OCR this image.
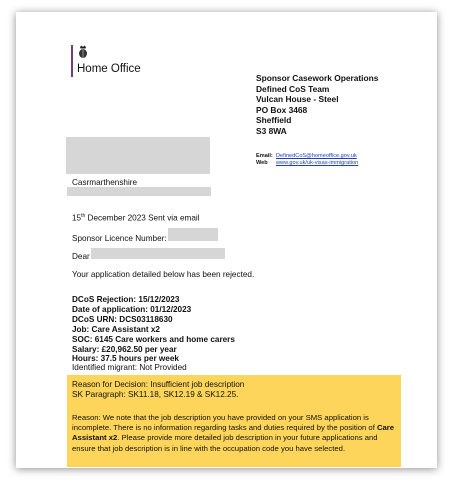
Home Office
Sponsor Casework Operations
Defined CoS Team
Vulcan House - Steel
PO Box 3468
Sheffield
S3 8WA
Email: DefinedCoS@homeoffice.gov.uk
Web www.gov.uk/uk-visas-immigration
Casrmarthenshire
15th December 2023 Sent via email
Sponsor Licence Number:
Dear
Your application detailed below has been rejected.
DCoS Rejection: 15/12/2023
Date of application: 01/12/2023
DCoS URN: DCS03118630
Job: Care Assistant x2
SOC: 6145 Care workers and home carers
Salary: £20,962.50 per year
Hours: 37.5 hours per week
Identified migrant: Not Provided
Reason for Decision: Insufficient job description
SK Paragraph: SK11.18, SK12.19 & SK12.25.
Reason: We note that the job description you have provided on your SMS application is incomplete. There is no information regarding tasks and duties required by the position of Care Assistant x2. Please provide more detailed job description in your future applications and ensure that job description is in line with the occupation code you have selected.
